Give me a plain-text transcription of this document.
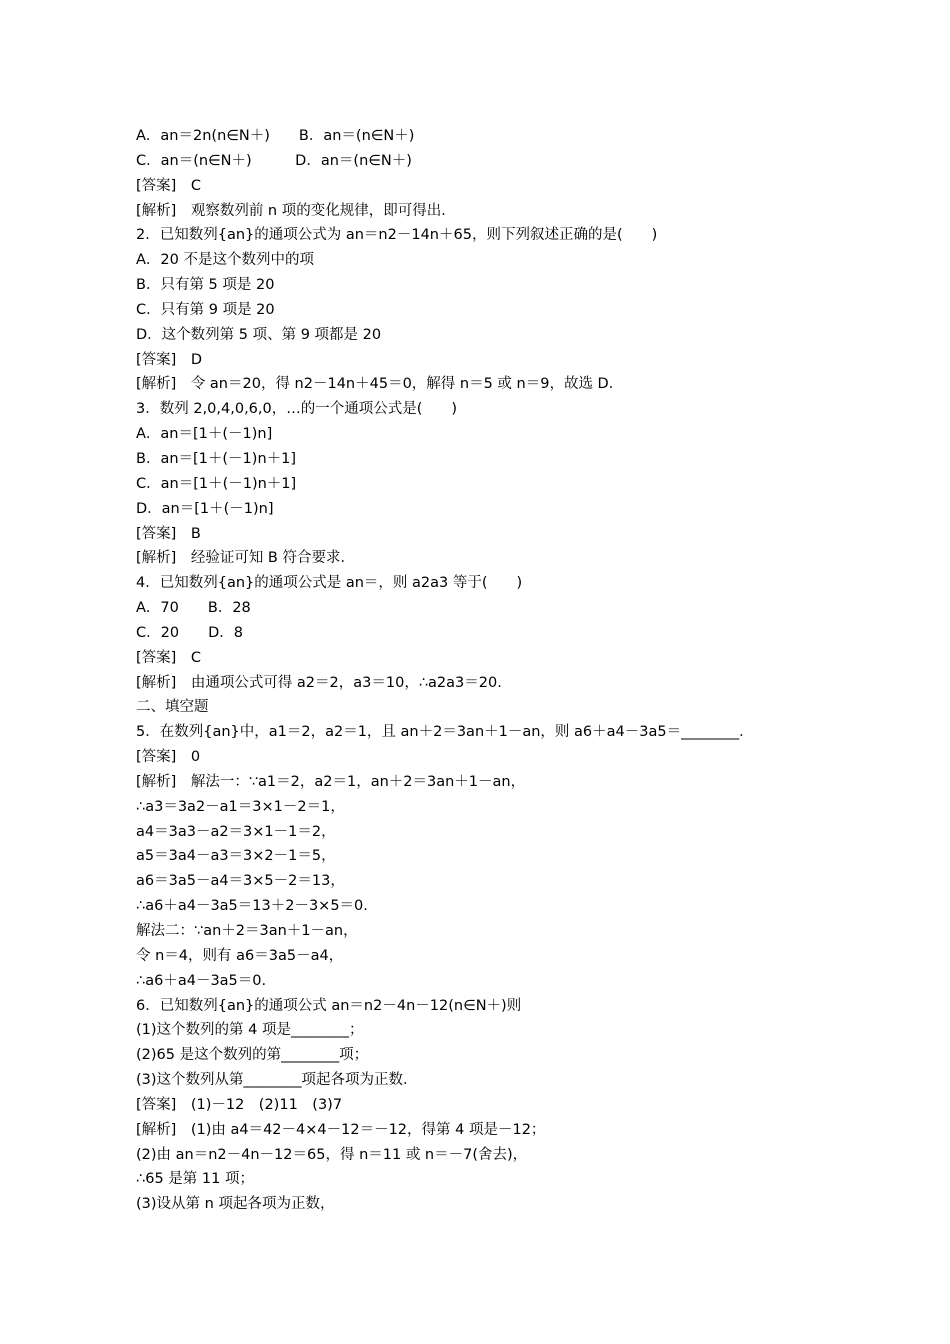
A．an＝2n(n∈N＋)　　B．an＝(n∈N＋)
C．an＝(n∈N＋)　　　D．an＝(n∈N＋)
[答案]　C
[解析]　观察数列前 n 项的变化规律，即可得出．
2．已知数列{an}的通项公式为 an＝n2－14n＋65，则下列叙述正确的是(　　)
A．20 不是这个数列中的项
B．只有第 5 项是 20
C．只有第 9 项是 20
D．这个数列第 5 项、第 9 项都是 20
[答案]　D
[解析]　令 an＝20，得 n2－14n＋45＝0，解得 n＝5 或 n＝9，故选 D．
3．数列 2,0,4,0,6,0，…的一个通项公式是(　　)
A．an＝[1＋(－1)n]
B．an＝[1＋(－1)n＋1]
C．an＝[1＋(－1)n＋1]
D．an＝[1＋(－1)n]
[答案]　B
[解析]　经验证可知 B 符合要求．
4．已知数列{an}的通项公式是 an＝，则 a2a3 等于(　　)
A．70　　B．28
C．20　　D．8
[答案]　C
[解析]　由通项公式可得 a2＝2，a3＝10，∴a2a3＝20.
二、填空题
5．在数列{an}中，a1＝2，a2＝1，且 an＋2＝3an＋1－an，则 a6＋a4－3a5＝________．
[答案]　0
[解析]　解法一：∵a1＝2，a2＝1，an＋2＝3an＋1－an，
∴a3＝3a2－a1＝3×1－2＝1，
a4＝3a3－a2＝3×1－1＝2，
a5＝3a4－a3＝3×2－1＝5，
a6＝3a5－a4＝3×5－2＝13，
∴a6＋a4－3a5＝13＋2－3×5＝0.
解法二：∵an＋2＝3an＋1－an，
令 n＝4，则有 a6＝3a5－a4，
∴a6＋a4－3a5＝0.
6．已知数列{an}的通项公式 an＝n2－4n－12(n∈N＋)则
(1)这个数列的第 4 项是________；
(2)65 是这个数列的第________项；
(3)这个数列从第________项起各项为正数．
[答案]　(1)－12　(2)11　(3)7
[解析]　(1)由 a4＝42－4×4－12＝－12，得第 4 项是－12；
(2)由 an＝n2－4n－12＝65，得 n＝11 或 n＝－7(舍去)，
∴65 是第 11 项；
(3)设从第 n 项起各项为正数，
